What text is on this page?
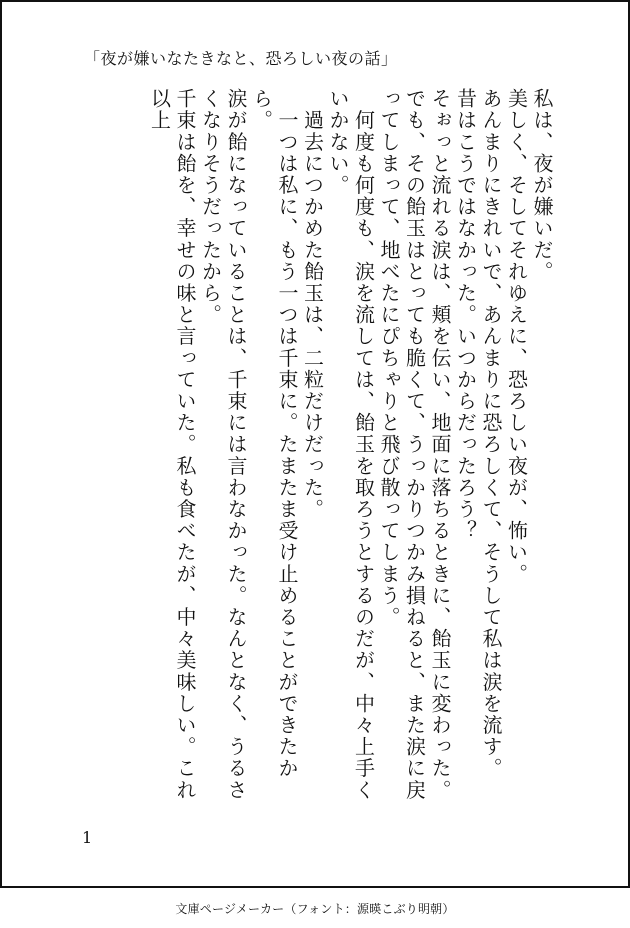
「夜が嫌いなたきなと、恐ろしい夜の話」

私は、夜が嫌いだ。

美しく、そしてそれゆえに、恐ろしい夜が、怖い。

あんまりにきれいで、あんまりに恐ろしくて、そうして私は涙を流す。

昔はこうではなかった。いつからだったろう？

そぉっと流れる涙は、頬を伝い、地面に落ちるときに、飴玉に変わった。でも、その飴玉はとっても脆くて、うっかりつかみ損ねると、また涙に戻ってしまって、地べたにぴちゃりと飛び散ってしまう。

　何度も何度も、涙を流しては、飴玉を取ろうとするのだが、中々上手くいかない。

　過去につかめた飴玉は、二粒だけだった。

　一つは私に、もう一つは千束に。たまたま受け止めることができたから。

涙が飴になっていることは、千束には言わなかった。なんとなく、うるさくなりそうだったから。

千束は飴を、幸せの味と言っていた。私も食べたが、中々美味しい。これ以上

1
文庫ページメーカー（フォント：源暎こぶり明朝）
